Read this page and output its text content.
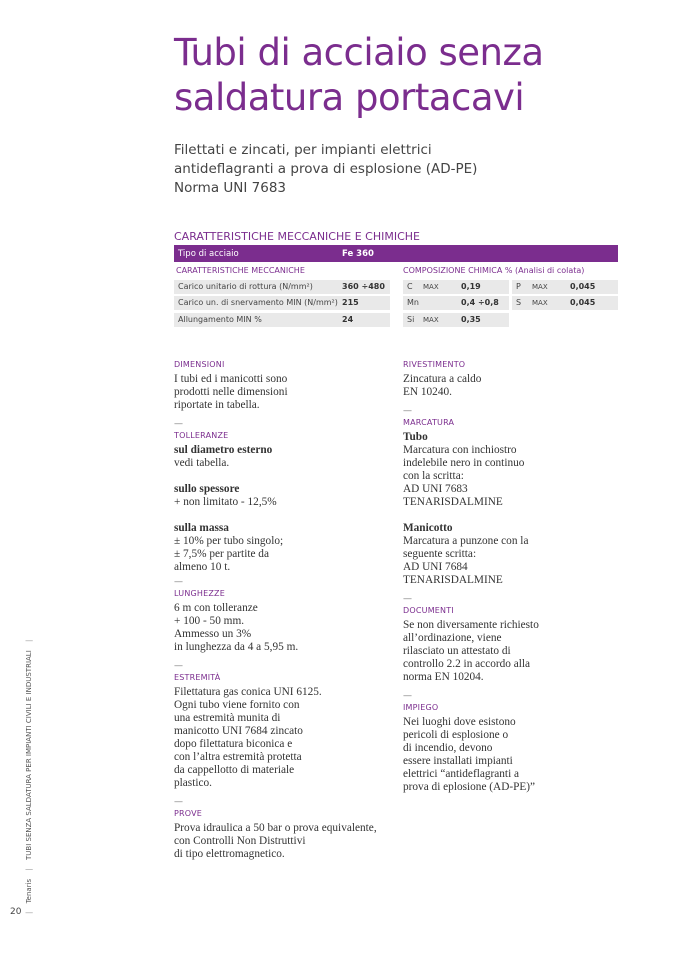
Tubi di acciaio senza
saldatura portacavi
Filettati e zincati, per impianti elettrici
antideflagranti a prova di esplosione (AD-PE)
Norma UNI 7683
CARATTERISTICHE MECCANICHE E CHIMICHE
Tipo di acciaio	Fe 360
CARATTERISTICHE MECCANICHE	COMPOSIZIONE CHIMICA % (Analisi di colata)
Carico unitario di rottura (N/mm²)	360 ÷480
Carico un. di snervamento MIN (N/mm²) 215
Allungamento MIN %	24
C MAX	0,19	P MAX	0,045
Mn	0,4 ÷0,8 S MAX	0,045
Si MAX	0,35
DIMENSIONI
I tubi ed i manicotti sono
prodotti nelle dimensioni
riportate in tabella.
—
TOLLERANZE
sul diametro esterno
vedi tabella.
sullo spessore
+ non limitato - 12,5%
sulla massa
± 10% per tubo singolo;
± 7,5% per partite da
almeno 10 t.
—
LUNGHEZZE
6 m con tolleranze
+ 100 - 50 mm.
Ammesso un 3%
in lunghezza da 4 a 5,95 m.
—
ESTREMITÀ
Filettatura gas conica UNI 6125.
Ogni tubo viene fornito con
una estremità munita di
manicotto UNI 7684 zincato
dopo filettatura biconica e
con l’altra estremità protetta
da cappellotto di materiale
plastico.
—
PROVE
Prova idraulica a 50 bar o prova equivalente,
con Controlli Non Distruttivi
di tipo elettromagnetico.
RIVESTIMENTO
Zincatura a caldo
EN 10240.
—
MARCATURA
Tubo
Marcatura con inchiostro
indelebile nero in continuo
con la scritta:
AD UNI 7683
TENARISDALMINE
Manicotto
Marcatura a punzone con la
seguente scritta:
AD UNI 7684
TENARISDALMINE
—
DOCUMENTI
Se non diversamente richiesto
all’ordinazione, viene
rilasciato un attestato di
controllo 2.2 in accordo alla
norma EN 10204.
—
IMPIEGO
Nei luoghi dove esistono
pericoli di esplosione o
di incendio, devono
essere installati impianti
elettrici “antideflagranti a
prova di eplosione (AD-PE)”
| Tenaris | TUBI SENZA SALDATURA PER IMPIANTI CIVILI E INDUSTRIALI |
20
